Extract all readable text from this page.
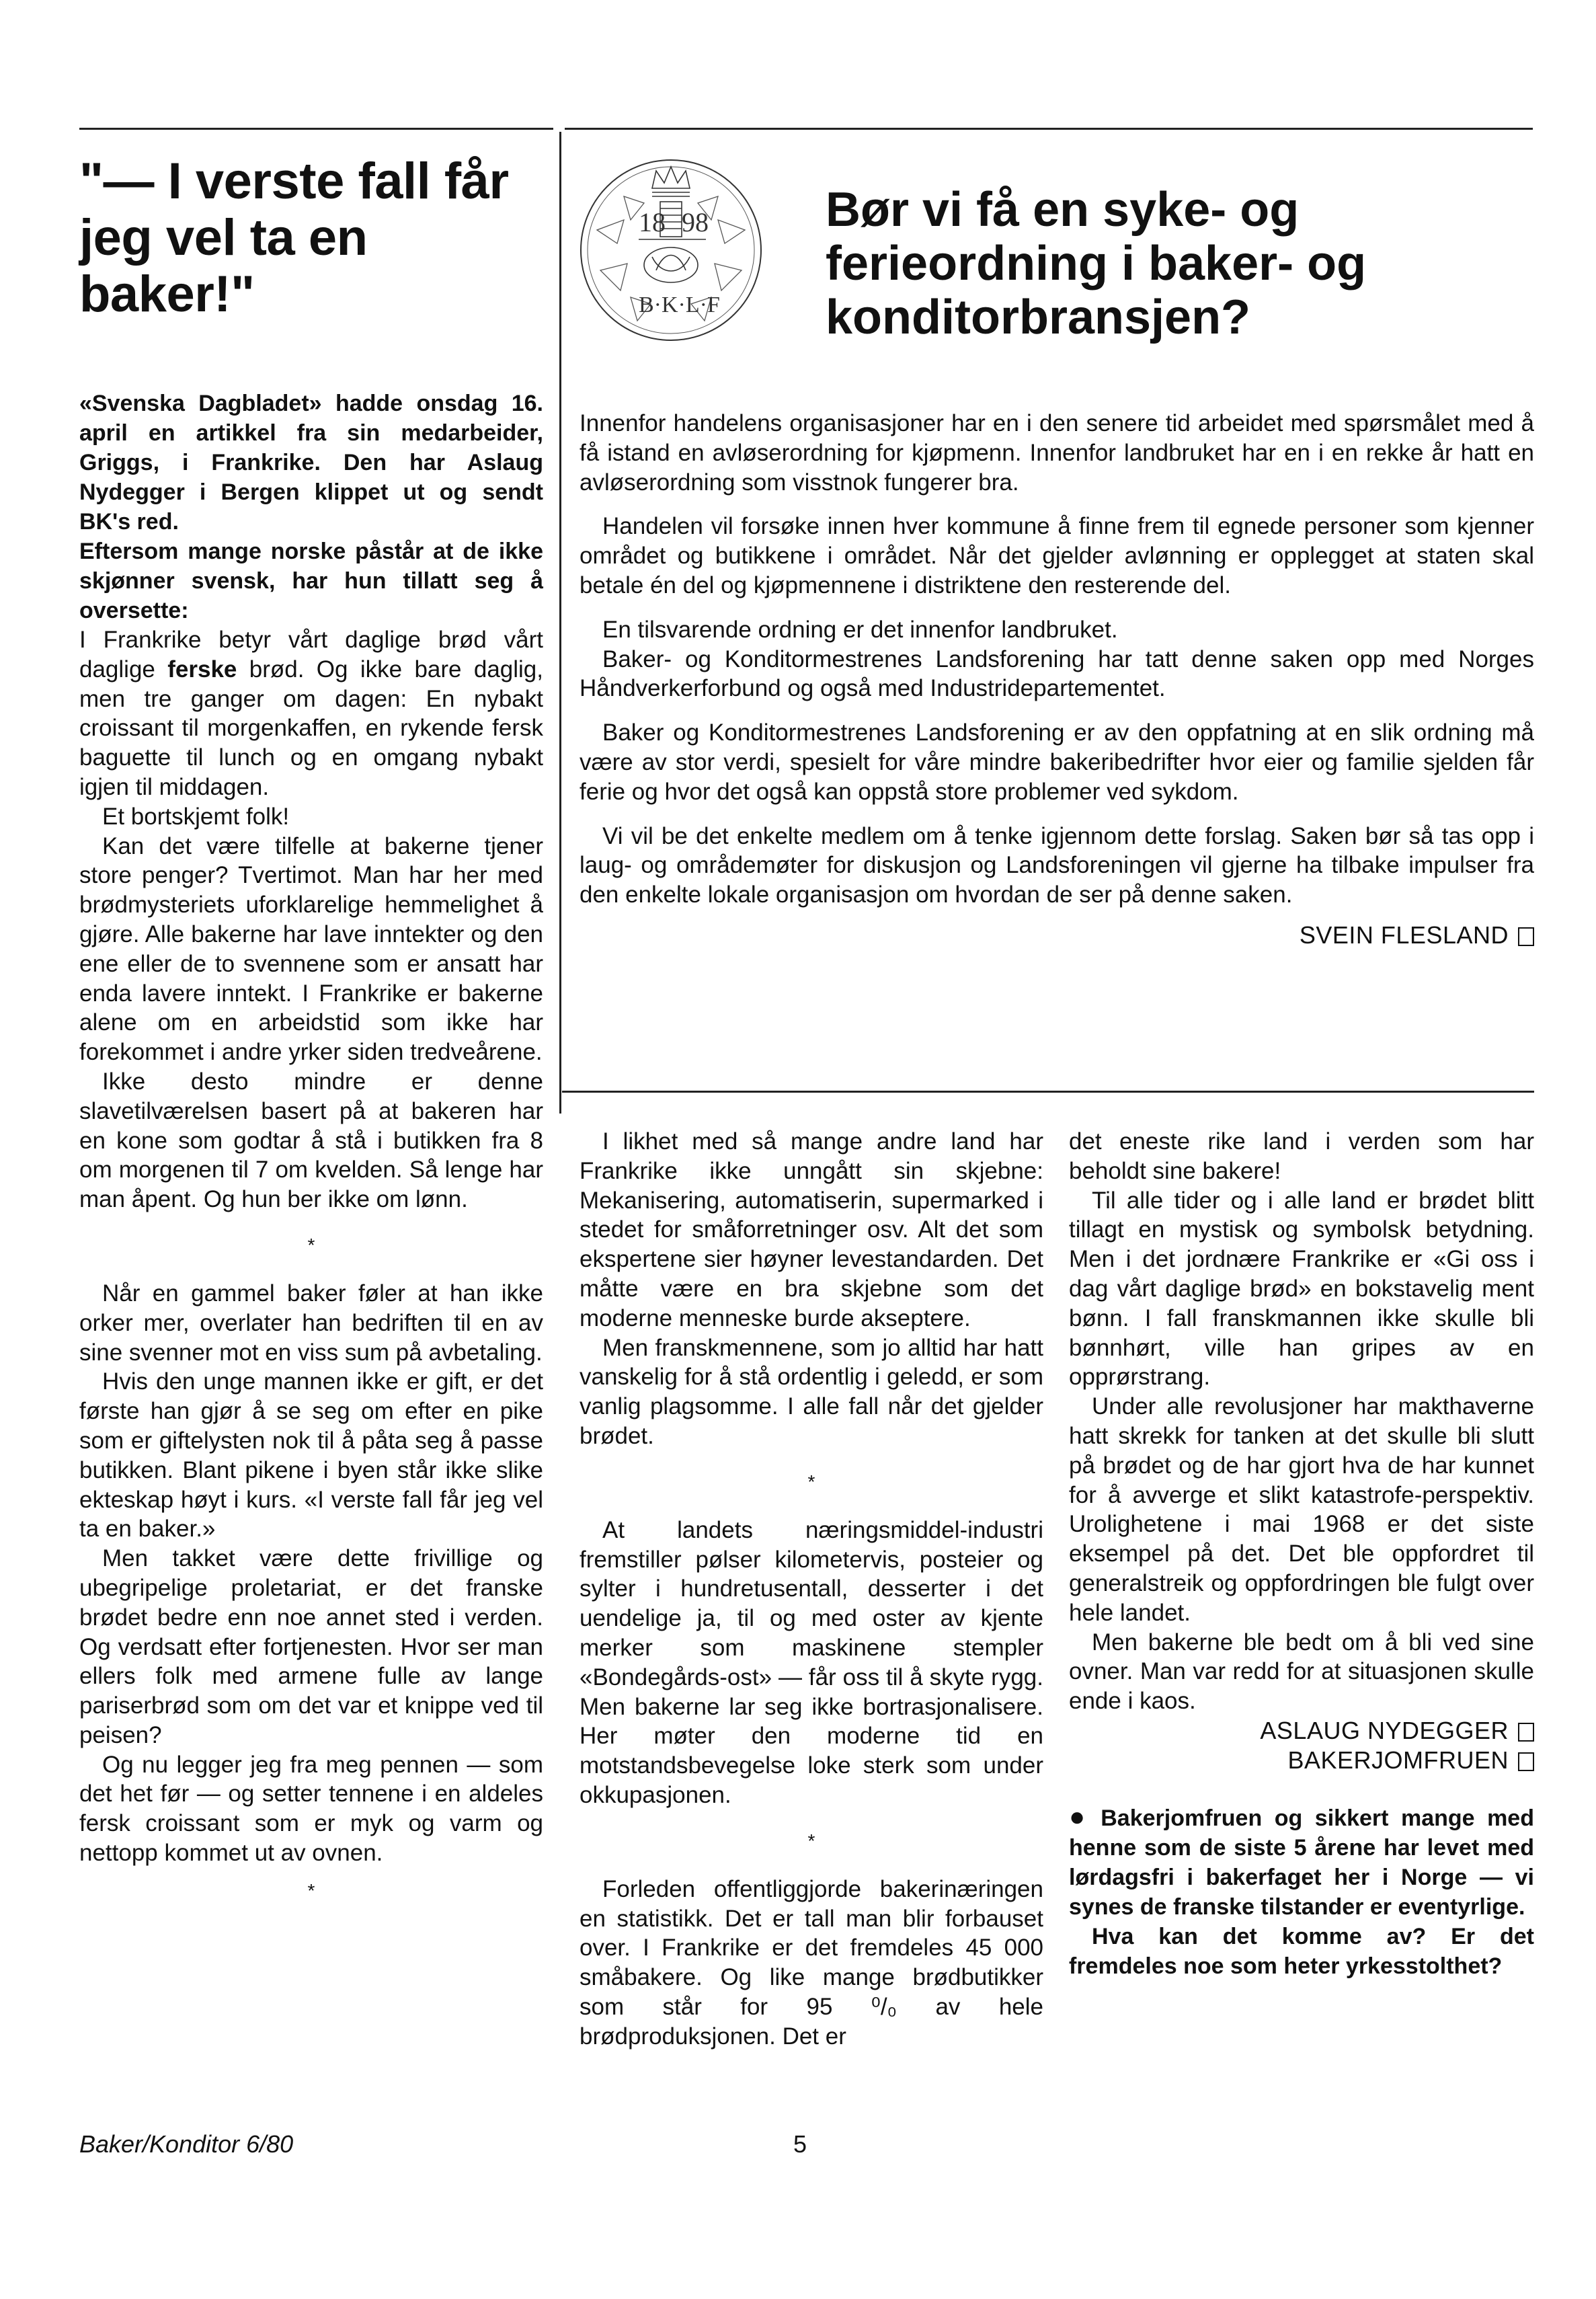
"— I verste fall får jeg vel ta en baker!"
«Svenska Dagbladet» hadde onsdag 16. april en artikkel fra sin medarbeider, Griggs, i Frankrike. Den har Aslaug Nydegger i Bergen klippet ut og sendt BK's red.
Eftersom mange norske påstår at de ikke skjønner svensk, har hun tillatt seg å oversette:

I Frankrike betyr vårt daglige brød vårt daglige ferske brød. Og ikke bare daglig, men tre ganger om dagen: En nybakt croissant til morgenkaffen, en rykende fersk baguette til lunch og en omgang nybakt igjen til middagen.

Et bortskjemt folk!

Kan det være tilfelle at bakerne tjener store penger? Tvertimot. Man har her med brødmysteriets uforklarelige hemmelighet å gjøre. Alle bakerne har lave inntekter og den ene eller de to svennene som er ansatt har enda lavere inntekt. I Frankrike er bakerne alene om en arbeidstid som ikke har forekommet i andre yrker siden tredveårene.

Ikke desto mindre er denne slavetilværelsen basert på at bakeren har en kone som godtar å stå i butikken fra 8 om morgenen til 7 om kvelden. Så lenge har man åpent. Og hun ber ikke om lønn.

*

Når en gammel baker føler at han ikke orker mer, overlater han bedriften til en av sine svenner mot en viss sum på avbetaling.

Hvis den unge mannen ikke er gift, er det første han gjør å se seg om efter en pike som er giftelysten nok til å påta seg å passe butikken. Blant pikene i byen står ikke slike ekteskap høyt i kurs. «I verste fall får jeg vel ta en baker.»

Men takket være dette frivillige og ubegripelige proletariat, er det franske brødet bedre enn noe annet sted i verden. Og verdsatt efter fortjenesten. Hvor ser man ellers folk med armene fulle av lange pariserbrød som om det var et knippe ved til peisen?

Og nu legger jeg fra meg pennen — som det het før — og setter tennene i en aldeles fersk croissant som er myk og varm og nettopp kommet ut av ovnen.

*

18 98
B·K·L·F
Bør vi få en syke- og ferieordning i baker- og konditorbransjen?

Innenfor handelens organisasjoner har en i den senere tid arbeidet med spørsmålet med å få istand en avløserordning for kjøpmenn. Innenfor landbruket har en i en rekke år hatt en avløserordning som visstnok fungerer bra.

Handelen vil forsøke innen hver kommune å finne frem til egnede personer som kjenner området og butikkene i området. Når det gjelder avlønning er opplegget at staten skal betale én del og kjøpmennene i distriktene den resterende del.

En tilsvarende ordning er det innenfor landbruket.

Baker- og Konditormestrenes Landsforening har tatt denne saken opp med Norges Håndverkerforbund og også med Industridepartementet.

Baker og Konditormestrenes Landsforening er av den oppfatning at en slik ordning må være av stor verdi, spesielt for våre mindre bakeribedrifter hvor eier og familie sjelden får ferie og hvor det også kan oppstå store problemer ved sykdom.

Vi vil be det enkelte medlem om å tenke igjennom dette forslag. Saken bør så tas opp i laug- og områdemøter for diskusjon og Landsforeningen vil gjerne ha tilbake impulser fra den enkelte lokale organisasjon om hvordan de ser på denne saken.

SVEIN FLESLAND

I likhet med så mange andre land har Frankrike ikke unngått sin skjebne: Mekanisering, automatiserin, supermarked i stedet for småforretninger osv. Alt det som ekspertene sier høyner levestandarden. Det måtte være en bra skjebne som det moderne menneske burde akseptere.

Men franskmennene, som jo alltid har hatt vanskelig for å stå ordentlig i geledd, er som vanlig plagsomme. I alle fall når det gjelder brødet.

*

At landets næringsmiddel-industri fremstiller pølser kilometervis, posteier og sylter i hundretusentall, desserter i det uendelige ja, til og med oster av kjente merker som maskinene stempler «Bondegårds-ost» — får oss til å skyte rygg. Men bakerne lar seg ikke bortrasjonalisere. Her møter den moderne tid en motstandsbevegelse loke sterk som under okkupasjonen.

*

Forleden offentliggjorde bakerinæringen en statistikk. Det er tall man blir forbauset over. I Frankrike er det fremdeles 45 000 småbakere. Og like mange brødbutikker som står for 95 ⁰/₀ av hele brødproduksjonen. Det er

det eneste rike land i verden som har beholdt sine bakere!

Til alle tider og i alle land er brødet blitt tillagt en mystisk og symbolsk betydning. Men i det jordnære Frankrike er «Gi oss i dag vårt daglige brød» en bokstavelig ment bønn. I fall franskmannen ikke skulle bli bønnhørt, ville han gripes av en opprørstrang.

Under alle revolusjoner har makthaverne hatt skrekk for tanken at det skulle bli slutt på brødet og de har gjort hva de har kunnet for å avverge et slikt katastrofe-perspektiv. Urolighetene i mai 1968 er det siste eksempel på det. Det ble oppfordret til generalstreik og oppfordringen ble fulgt over hele landet.

Men bakerne ble bedt om å bli ved sine ovner. Man var redd for at situasjonen skulle ende i kaos.

ASLAUG NYDEGGER

BAKERJOMFRUEN

● Bakerjomfruen og sikkert mange med henne som de siste 5 årene har levet med lørdagsfri i bakerfaget her i Norge — vi synes de franske tilstander er eventyrlige.

Hva kan det komme av? Er det fremdeles noe som heter yrkesstolthet?

Baker/Konditor 6/80	5
